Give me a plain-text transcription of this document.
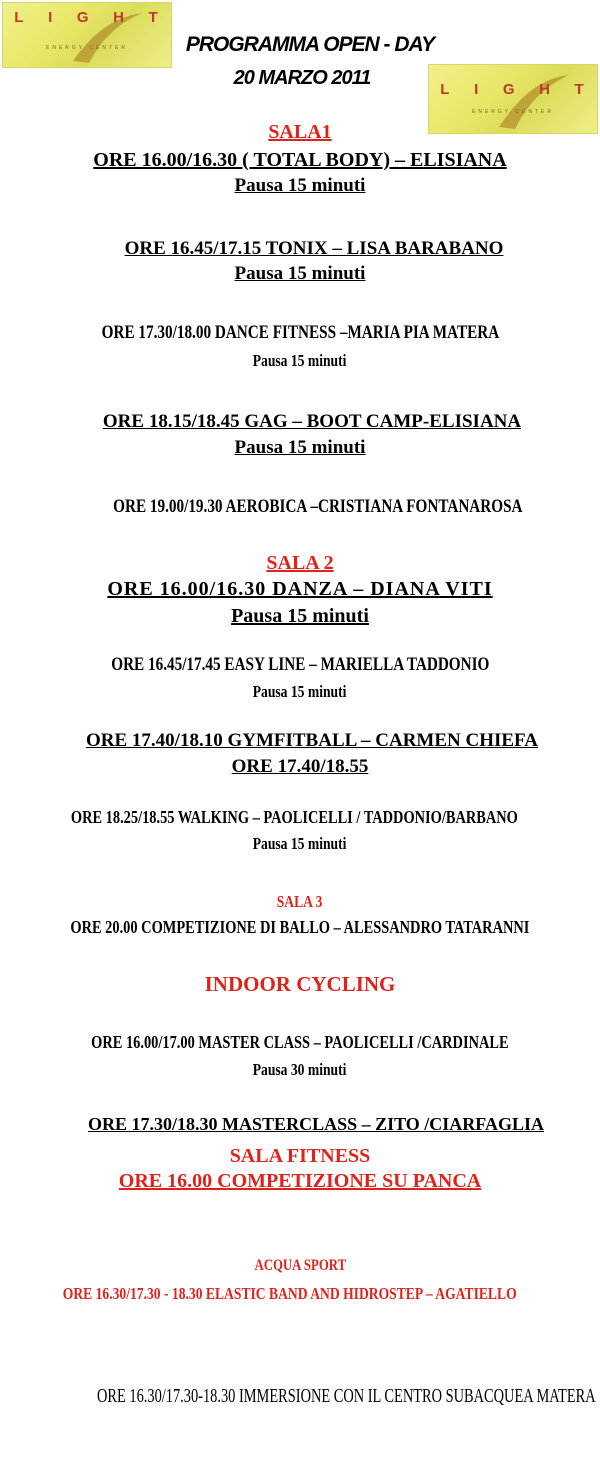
L I G H T
ENERGY CENTER
L I G H T
ENERGY CENTER
PROGRAMMA OPEN - DAY
20 MARZO 2011
SALA1
ORE 16.00/16.30 ( TOTAL BODY) – ELISIANA
Pausa 15 minuti
ORE 16.45/17.15 TONIX – LISA BARABANO
Pausa 15 minuti
ORE 17.30/18.00 DANCE FITNESS –MARIA PIA MATERA
Pausa 15 minuti
ORE 18.15/18.45 GAG – BOOT CAMP-ELISIANA
Pausa 15 minuti
ORE 19.00/19.30 AEROBICA –CRISTIANA FONTANAROSA
SALA 2
ORE 16.00/16.30 DANZA – DIANA VITI
Pausa 15 minuti
ORE 16.45/17.45 EASY LINE – MARIELLA TADDONIO
Pausa 15 minuti
ORE 17.40/18.10 GYMFITBALL – CARMEN CHIEFA
ORE 17.40/18.55
ORE 18.25/18.55 WALKING – PAOLICELLI / TADDONIO/BARBANO
Pausa 15 minuti
SALA 3
ORE 20.00 COMPETIZIONE DI BALLO – ALESSANDRO TATARANNI
INDOOR CYCLING
ORE 16.00/17.00 MASTER CLASS – PAOLICELLI /CARDINALE
Pausa 30 minuti
ORE 17.30/18.30 MASTERCLASS – ZITO /CIARFAGLIA
SALA FITNESS
ORE 16.00 COMPETIZIONE SU PANCA
ACQUA SPORT
ORE 16.30/17.30 - 18.30 ELASTIC BAND AND HIDROSTEP – AGATIELLO
ORE 16.30/17.30-18.30 IMMERSIONE CON IL CENTRO SUBACQUEA MATERA
